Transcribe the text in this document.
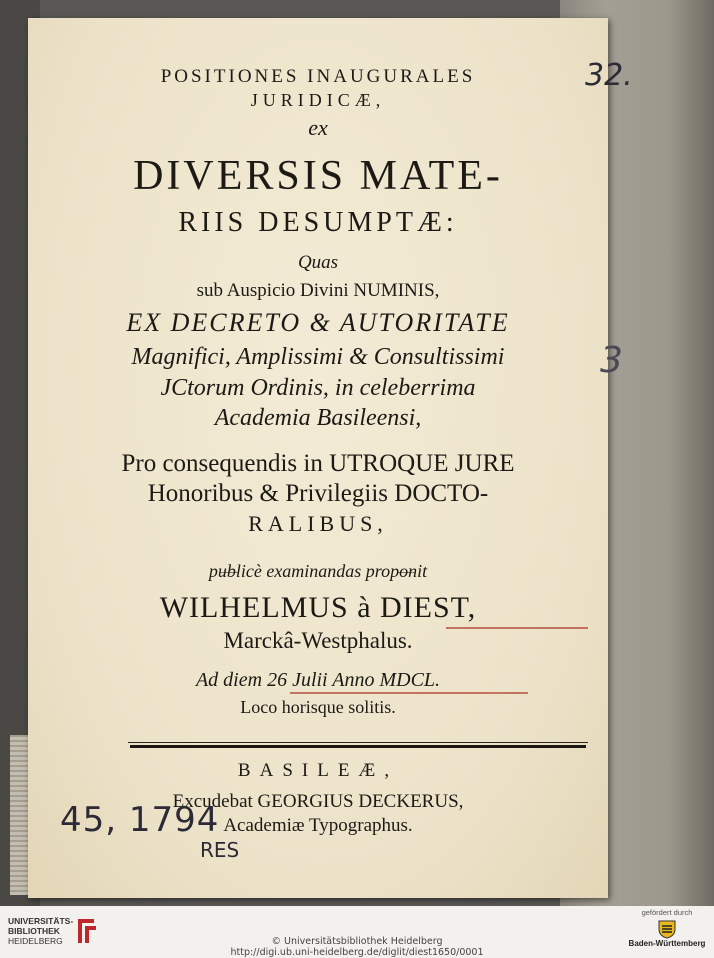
POSITIONES INAUGURALES
JURIDICÆ,
ex
DIVERSIS MATE-
RIIS DESUMPTÆ:
Quas
sub Auspicio Divini NUMINIS,
EX DECRETO & AUTORITATE
Magnifici, Amplissimi & Consultissimi
JCtorum Ordinis, in celeberrima
Academia Basileensi,
Pro consequendis in UTROQUE JURE
Honoribus & Privilegiis DOCTO-
RALIBUS,
publicè examinandas proponit
WILHELMUS à DIEST,
Marckâ-Westphalus.
Ad diem 26 Julii Anno MDCL.
Loco horisque solitis.
BASILEÆ,
Excudebat GEORGIUS DECKERUS,
Academiæ Typographus.
32.
3
45, 1794
RES
UNIVERSITÄTS-
BIBLIOTHEK
HEIDELBERG	© Universitätsbibliothek Heidelberg
http://digi.ub.uni-heidelberg.de/diglit/diest1650/0001
gefördert durch
Baden-Württemberg
